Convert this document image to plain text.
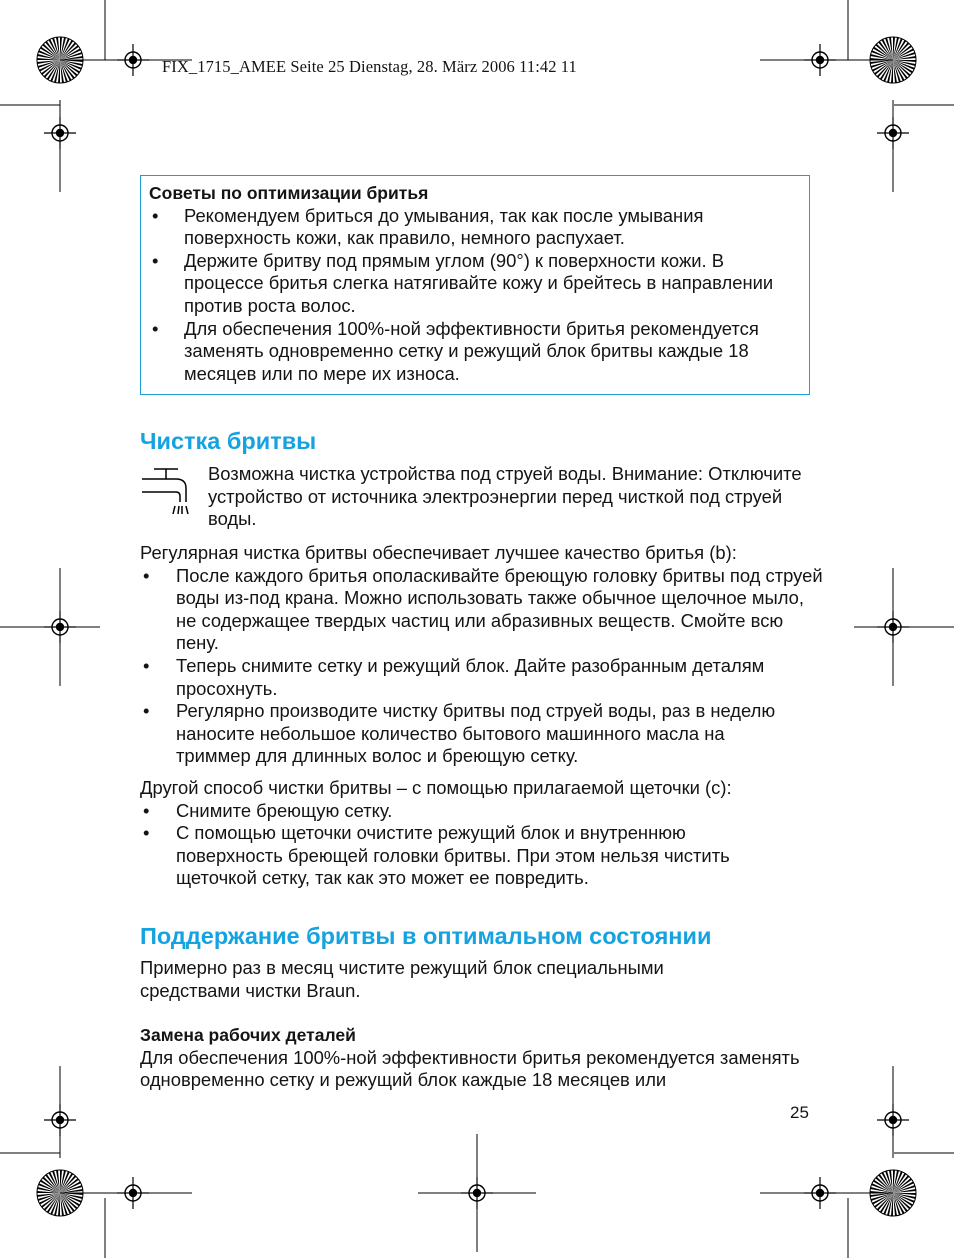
FIX_1715_AMEE Seite 25 Dienstag, 28. März 2006 11:42 11
Советы по оптимизации бритья
• Рекомендуем бриться до умывания, так как после умывания поверхность кожи, как правило, немного распухает.
• Держите бритву под прямым углом (90°) к поверхности кожи. В процессе бритья слегка натягивайте кожу и брейтесь в направлении против роста волос.
• Для обеспечения 100%-ной эффективности бритья рекомендуется заменять одновременно сетку и режущий блок бритвы каждые 18 месяцев или по мере их износа.
Чистка бритвы
Возможна чистка устройства под струей воды. Внимание: Отключите устройство от источника электроэнергии перед чисткой под струей воды.
Регулярная чистка бритвы обеспечивает лучшее качество бритья (b):
• После каждого бритья ополаскивайте бреющую головку бритвы под струей воды из-под крана. Можно использовать также обычное щелочное мыло, не содержащее твердых частиц или абразивных веществ. Смойте всю пену.
• Теперь снимите сетку и режущий блок. Дайте разобранным деталям просохнуть.
• Регулярно производите чистку бритвы под струей воды, раз в неделю наносите небольшое количество бытового машинного масла на триммер для длинных волос и бреющую сетку.
Другой способ чистки бритвы – с помощью прилагаемой щеточки (c):
• Снимите бреющую сетку.
• С помощью щеточки очистите режущий блок и внутреннюю поверхность бреющей головки бритвы. При этом нельзя чистить щеточкой сетку, так как это может ее повредить.
Поддержание бритвы в оптимальном состоянии
Примерно раз в месяц чистите режущий блок специальными средствами чистки Braun.
Замена рабочих деталей
Для обеспечения 100%-ной эффективности бритья рекомендуется заменять одновременно сетку и режущий блок каждые 18 месяцев или
25
